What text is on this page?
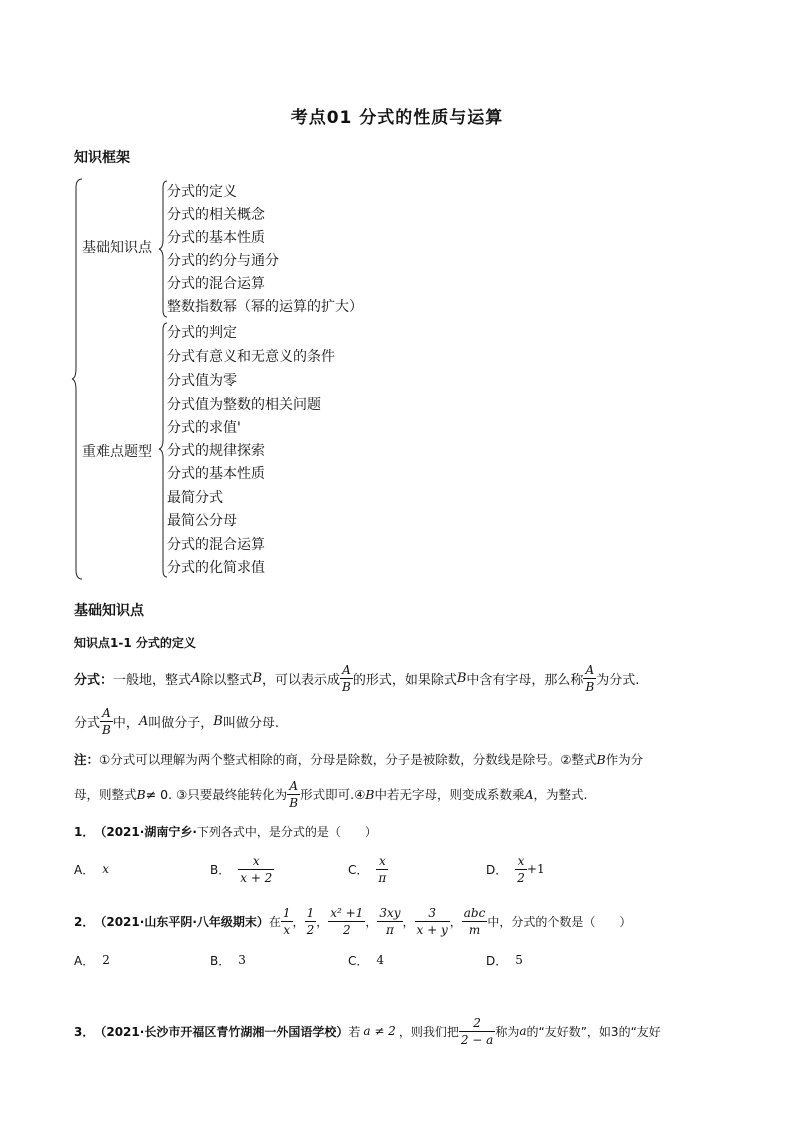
考点01 分式的性质与运算
知识框架
基础知识点
分式的定义
分式的相关概念
分式的基本性质
分式的约分与通分
分式的混合运算
整数指数幂（幂的运算的扩大）
重难点题型
分式的判定
分式有意义和无意义的条件
分式值为零
分式值为整数的相关问题
分式的求值'
分式的规律探索
分式的基本性质
最简分式
最简公分母
分式的混合运算
分式的化简求值
基础知识点
知识点1-1 分式的定义
分式： 一般地，整式 A 除以整式 B ，可以表示成 $\frac{A}{B}$ 的形式，如果除式 B 中含有字母，那么称 $\frac{A}{B}$ 为分式.
分式 $\frac{A}{B}$ 中， A 叫做分子， B 叫做分母.
注： ①分式可以理解为两个整式相除的商，分母是除数，分子是被除数，分数线是除号。②整式 B 作为分
母，则整式 B ≠ 0. ③只要最终能转化为 $\frac{A}{B}$ 形式即可.④ B 中若无字母，则变成系数乘 A ，为整式.
1． （2021·湖南宁乡· 下列各式中，是分式的是（　　）
A． x	B． $\frac{x}{x + 2}$	C． $\frac{x}{\pi}$	D． $\frac{x}{2} +1$
2． （2021·山东平阴·八年级期末） 在 $\frac{1}{x}$ ， $\frac{1}{2}$ ， $\frac{\text{x² +1}}{2}$ ， $\frac{3xy}{\pi}$ ， $\frac{3}{x + y}$ ， $\frac{\text{abc}}{m}$ 中，分式的个数是（　　）
A． 2	B． 3	C． 4	D． 5
3． （2021·长沙市开福区青竹湖湘一外国语学校） 若 a ≠ 2 ，则我们把 $\frac{2}{2 - a}$ 称为 a 的“友好数”，如3的“友好
